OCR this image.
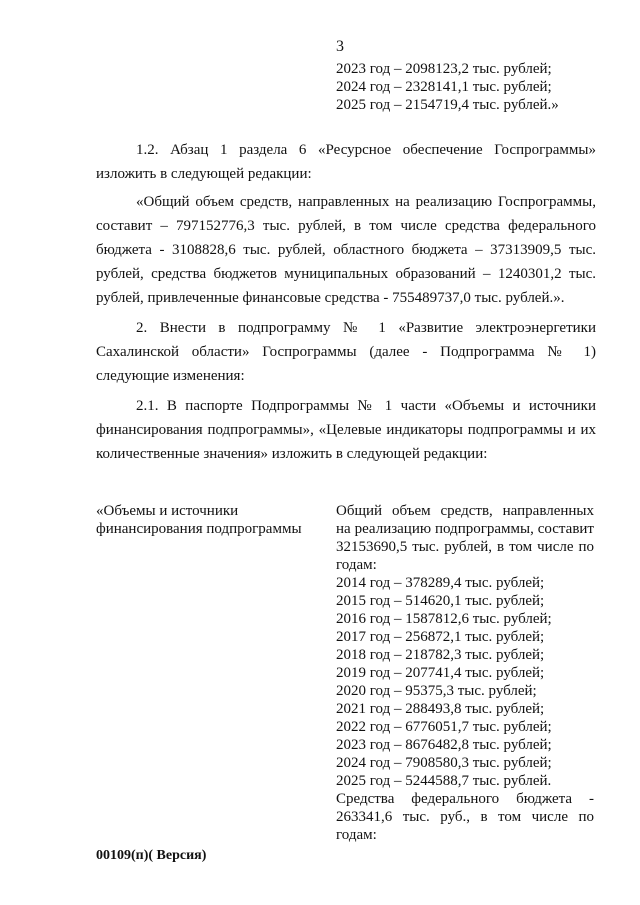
3
2023 год – 2098123,2 тыс. рублей;
2024 год – 2328141,1 тыс. рублей;
2025 год – 2154719,4 тыс. рублей.»
1.2. Абзац 1 раздела 6 «Ресурсное обеспечение Госпрограммы» изложить в следующей редакции:
«Общий объем средств, направленных на реализацию Госпрограммы, составит – 797152776,3 тыс. рублей, в том числе средства федерального бюджета - 3108828,6 тыс. рублей, областного бюджета – 37313909,5 тыс. рублей, средства бюджетов муниципальных образований – 1240301,2 тыс. рублей, привлеченные финансовые средства - 755489737,0 тыс. рублей.».
2. Внести в подпрограмму № 1 «Развитие электроэнергетики Сахалинской области» Госпрограммы (далее - Подпрограмма № 1) следующие изменения:
2.1. В паспорте Подпрограммы № 1 части «Объемы и источники финансирования подпрограммы», «Целевые индикаторы подпрограммы и их количественные значения» изложить в следующей редакции:
«Объемы и источники финансирования подпрограммы
Общий объем средств, направленных на реализацию подпрограммы, составит 32153690,5 тыс. рублей, в том числе по годам:
2014 год – 378289,4 тыс. рублей;
2015 год – 514620,1 тыс. рублей;
2016 год – 1587812,6 тыс. рублей;
2017 год – 256872,1 тыс. рублей;
2018 год – 218782,3 тыс. рублей;
2019 год – 207741,4 тыс. рублей;
2020 год – 95375,3 тыс. рублей;
2021 год – 288493,8 тыс. рублей;
2022 год – 6776051,7 тыс. рублей;
2023 год – 8676482,8 тыс. рублей;
2024 год – 7908580,3 тыс. рублей;
2025 год – 5244588,7 тыс. рублей.
Средства федерального бюджета - 263341,6 тыс. руб., в том числе по годам:
00109(п)( Версия)
